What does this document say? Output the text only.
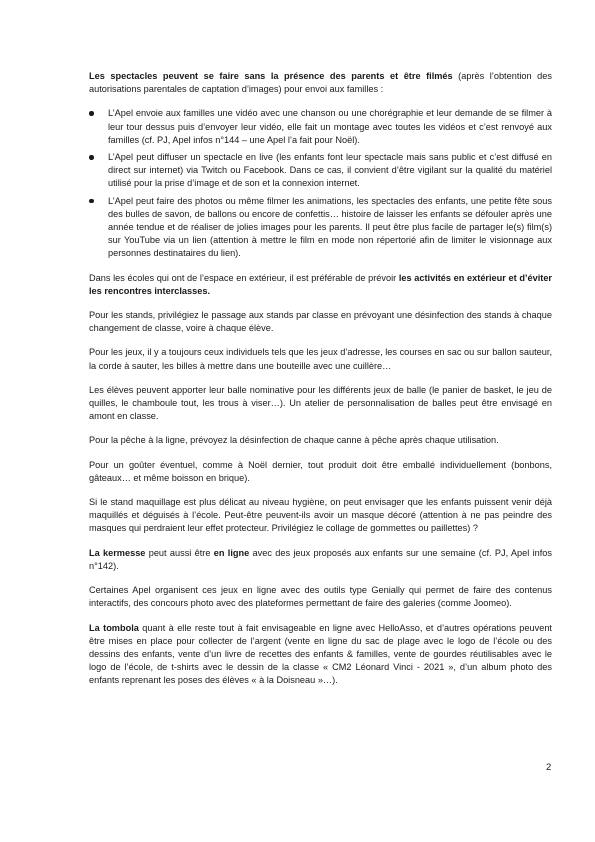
Les spectacles peuvent se faire sans la présence des parents et être filmés (après l’obtention des autorisations parentales de captation d’images) pour envoi aux familles :

L’Apel envoie aux familles une vidéo avec une chanson ou une chorégraphie et leur demande de se filmer à leur tour dessus puis d’envoyer leur vidéo, elle fait un montage avec toutes les vidéos et c’est renvoyé aux familles (cf. PJ, Apel infos n°144 – une Apel l’a fait pour Noël).
L’Apel peut diffuser un spectacle en live (les enfants font leur spectacle mais sans public et c’est diffusé en direct sur internet) via Twitch ou Facebook. Dans ce cas, il convient d’être vigilant sur la qualité du matériel utilisé pour la prise d’image et de son et la connexion internet.
L’Apel peut faire des photos ou même filmer les animations, les spectacles des enfants, une petite fête sous des bulles de savon, de ballons ou encore de confettis… histoire de laisser les enfants se défouler après une année tendue et de réaliser de jolies images pour les parents. Il peut être plus facile de partager le(s) film(s) sur YouTube via un lien (attention à mettre le film en mode non répertorié afin de limiter le visionnage aux personnes destinataires du lien).

Dans les écoles qui ont de l’espace en extérieur, il est préférable de prévoir les activités en extérieur et d’éviter les rencontres interclasses.

Pour les stands, privilégiez le passage aux stands par classe en prévoyant une désinfection des stands à chaque changement de classe, voire à chaque élève.

Pour les jeux, il y a toujours ceux individuels tels que les jeux d’adresse, les courses en sac ou sur ballon sauteur, la corde à sauter, les billes à mettre dans une bouteille avec une cuillère…

Les élèves peuvent apporter leur balle nominative pour les différents jeux de balle (le panier de basket, le jeu de quilles, le chamboule tout, les trous à viser…). Un atelier de personnalisation de balles peut être envisagé en amont en classe.

Pour la pêche à la ligne, prévoyez la désinfection de chaque canne à pêche après chaque utilisation.

Pour un goûter éventuel, comme à Noël dernier, tout produit doit être emballé individuellement (bonbons, gâteaux… et même boisson en brique).

Si le stand maquillage est plus délicat au niveau hygiène, on peut envisager que les enfants puissent venir déjà maquillés et déguisés à l’école. Peut-être peuvent-ils avoir un masque décoré (attention à ne pas peindre des masques qui perdraient leur effet protecteur. Privilégiez le collage de gommettes ou paillettes) ?

La kermesse peut aussi être en ligne avec des jeux proposés aux enfants sur une semaine (cf. PJ, Apel infos n°142).

Certaines Apel organisent ces jeux en ligne avec des outils type Genially qui permet de faire des contenus interactifs, des concours photo avec des plateformes permettant de faire des galeries (comme Joomeo).

La tombola quant à elle reste tout à fait envisageable en ligne avec HelloAsso, et d’autres opérations peuvent être mises en place pour collecter de l’argent (vente en ligne du sac de plage avec le logo de l’école ou des dessins des enfants, vente d’un livre de recettes des enfants & familles, vente de gourdes réutilisables avec le logo de l’école, de t-shirts avec le dessin de la classe « CM2 Léonard Vinci - 2021 », d’un album photo des enfants reprenant les poses des élèves « à la Doisneau »…).

2
